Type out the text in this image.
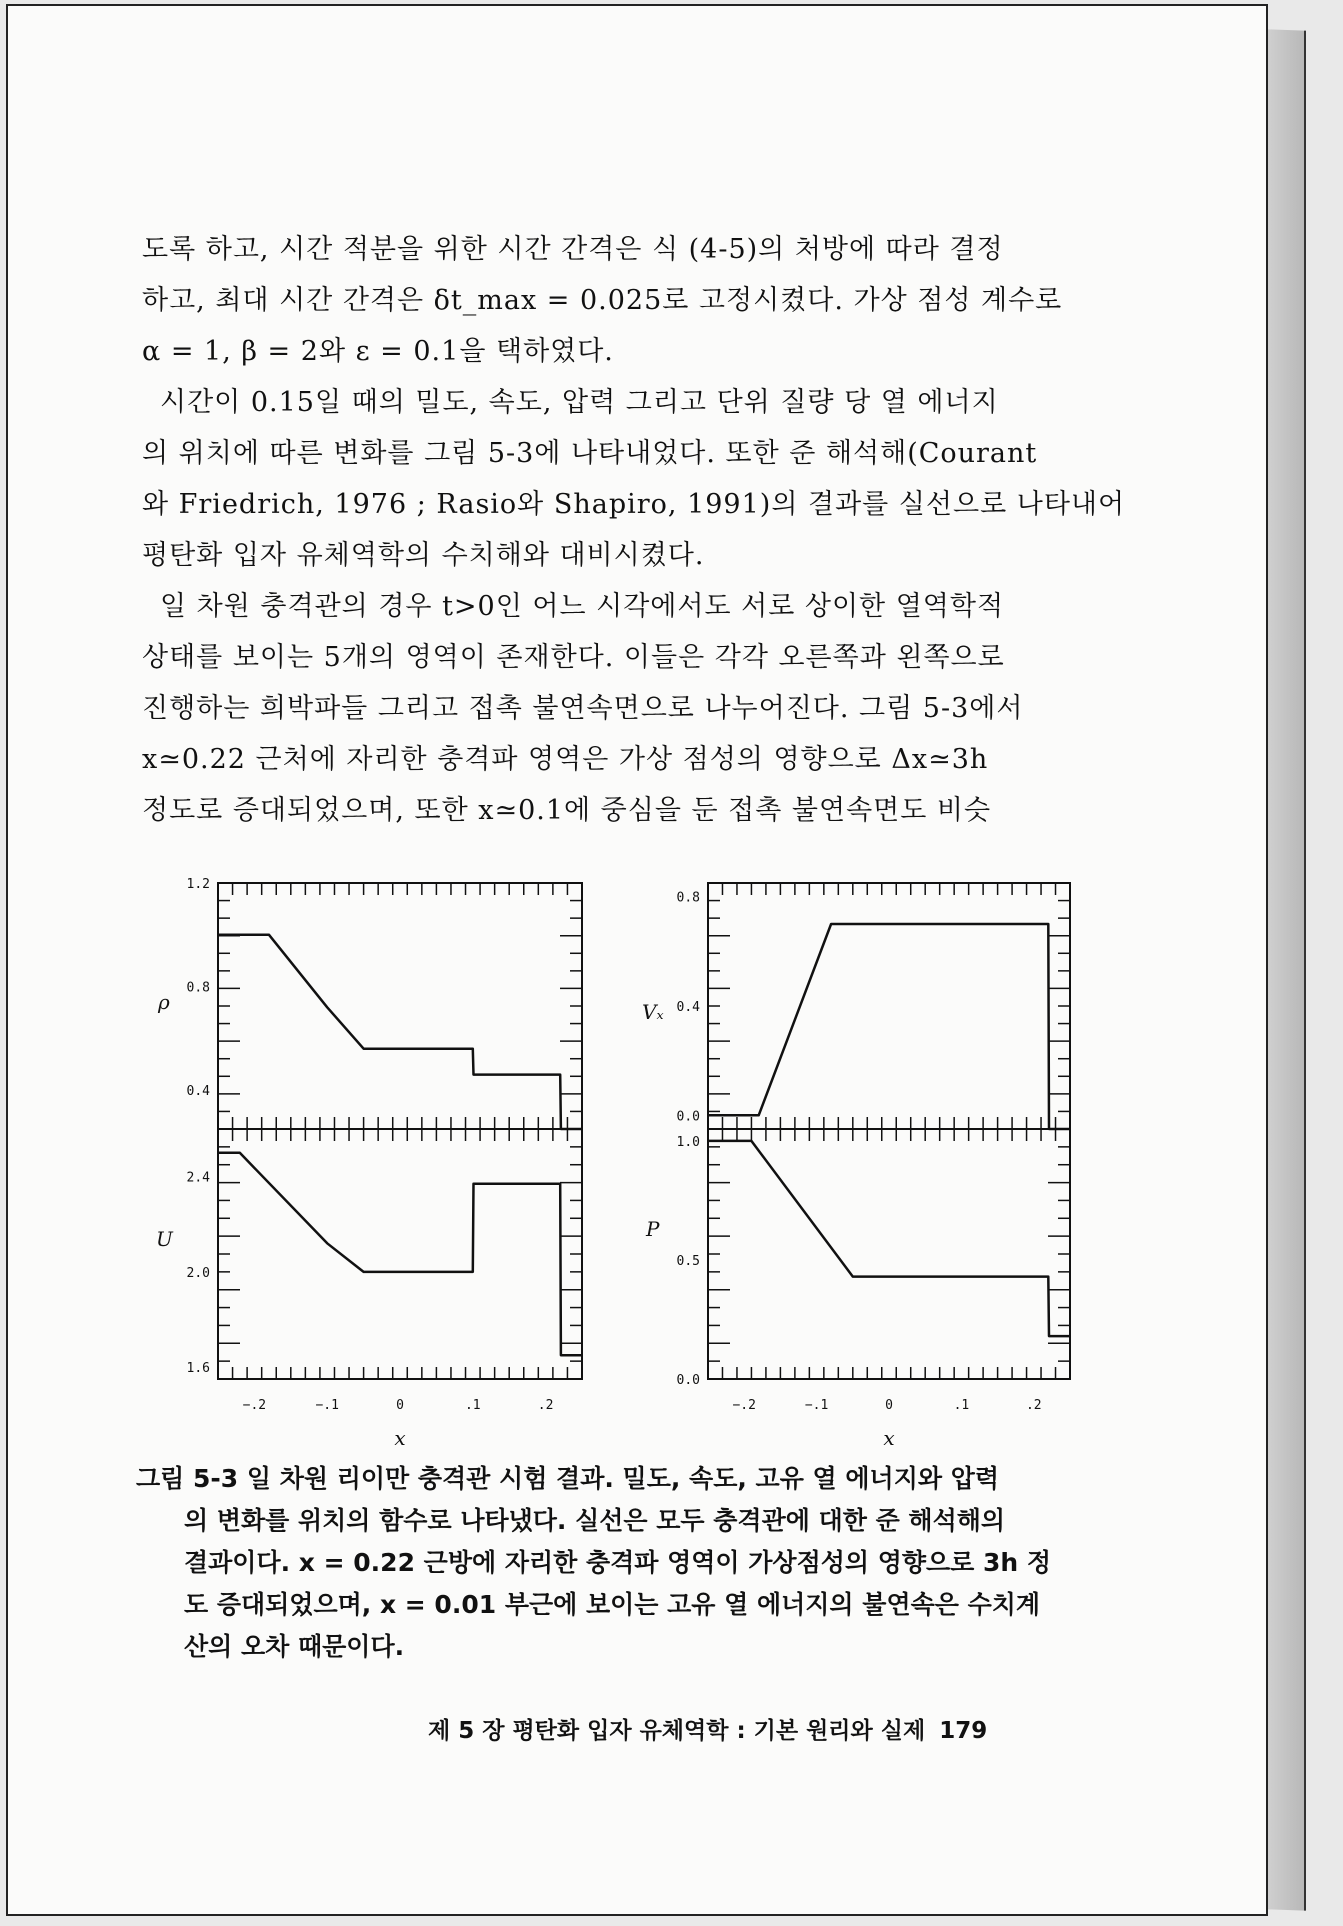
도록 하고, 시간 적분을 위한 시간 간격은 식 (4-5)의 처방에 따라 결정
하고, 최대 시간 간격은 δt_max = 0.025로 고정시켰다. 가상 점성 계수로
α = 1, β = 2와 ε = 0.1을 택하였다.

시간이 0.15일 때의 밀도, 속도, 압력 그리고 단위 질량 당 열 에너지
의 위치에 따른 변화를 그림 5-3에 나타내었다. 또한 준 해석해(Courant
와 Friedrich, 1976 ; Rasio와 Shapiro, 1991)의 결과를 실선으로 나타내어
평탄화 입자 유체역학의 수치해와 대비시켰다.

일 차원 충격관의 경우 t>0인 어느 시각에서도 서로 상이한 열역학적
상태를 보이는 5개의 영역이 존재한다. 이들은 각각 오른쪽과 왼쪽으로
진행하는 희박파들 그리고 접촉 불연속면으로 나누어진다. 그림 5-3에서
x≃0.22 근처에 자리한 충격파 영역은 가상 점성의 영향으로 Δx≃3h
정도로 증대되었으며, 또한 x≃0.1에 중심을 둔 접촉 불연속면도 비슷

0.4
0.8
1.2
ρ
0.0
0.4
0.8
Vₓ
1.6
2.0
2.4
U
0.0
0.5
1.0
P
−.2	−.1	0	.1	.2
x
−.2	−.1	0	.1	.2
x
그림 5-3 일 차원 리이만 충격관 시험 결과. 밀도, 속도, 고유 열 에너지와 압력
의 변화를 위치의 함수로 나타냈다. 실선은 모두 충격관에 대한 준 해석해의
결과이다. x = 0.22 근방에 자리한 충격파 영역이 가상점성의 영향으로 3h 정
도 증대되었으며, x = 0.01 부근에 보이는 고유 열 에너지의 불연속은 수치계
산의 오차 때문이다.
제 5 장 평탄화 입자 유체역학 : 기본 원리와 실제 179
